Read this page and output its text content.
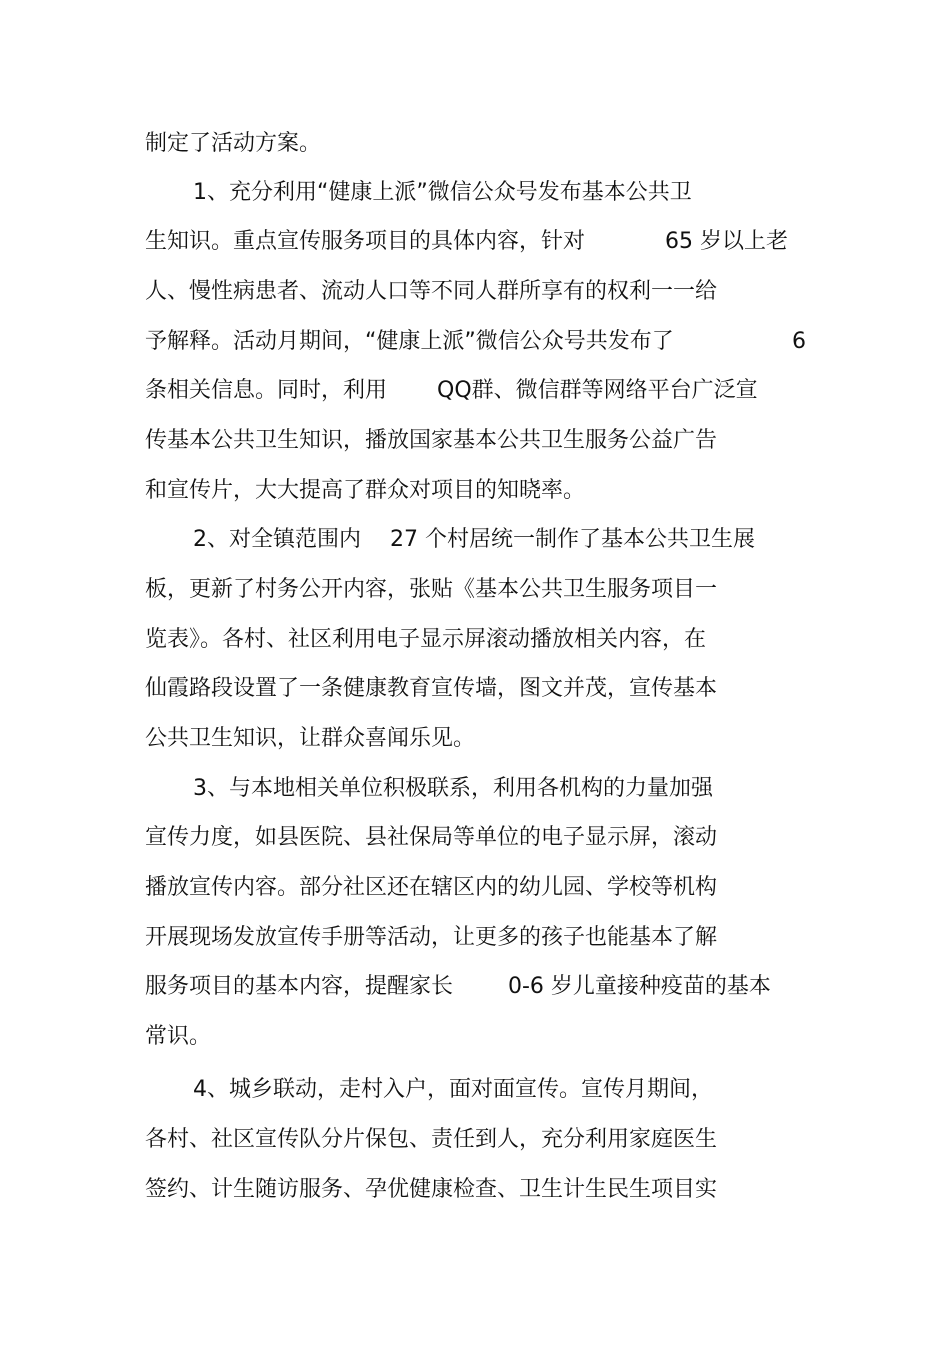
制定了活动方案。

1、充分利用“健康上派”微信公众号发布基本公共卫

生知识。重点宣传服务项目的具体内容，针对

	65 岁以上老

人、慢性病患者、流动人口等不同人群所享有的权利一一给

予解释。活动月期间，“健康上派”微信公众号共发布了

	6

条相关信息。同时，利用

QQ群、微信群等网络平台广泛宣

传基本公共卫生知识，播放国家基本公共卫生服务公益广告

和宣传片，大大提高了群众对项目的知晓率。

2、对全镇范围内

27 个村居统一制作了基本公共卫生展

板，更新了村务公开内容，张贴《基本公共卫生服务项目一

览表》。各村、社区利用电子显示屏滚动播放相关内容，在

仙霞路段设置了一条健康教育宣传墙，图文并茂，宣传基本

公共卫生知识，让群众喜闻乐见。

3、与本地相关单位积极联系，利用各机构的力量加强

宣传力度，如县医院、县社保局等单位的电子显示屏，滚动

播放宣传内容。部分社区还在辖区内的幼儿园、学校等机构

开展现场发放宣传手册等活动，让更多的孩子也能基本了解

服务项目的基本内容，提醒家长

0-6 岁儿童接种疫苗的基本

常识。

4、城乡联动，走村入户，面对面宣传。宣传月期间，

各村、社区宣传队分片保包、责任到人，充分利用家庭医生

签约、计生随访服务、孕优健康检查、卫生计生民生项目实
